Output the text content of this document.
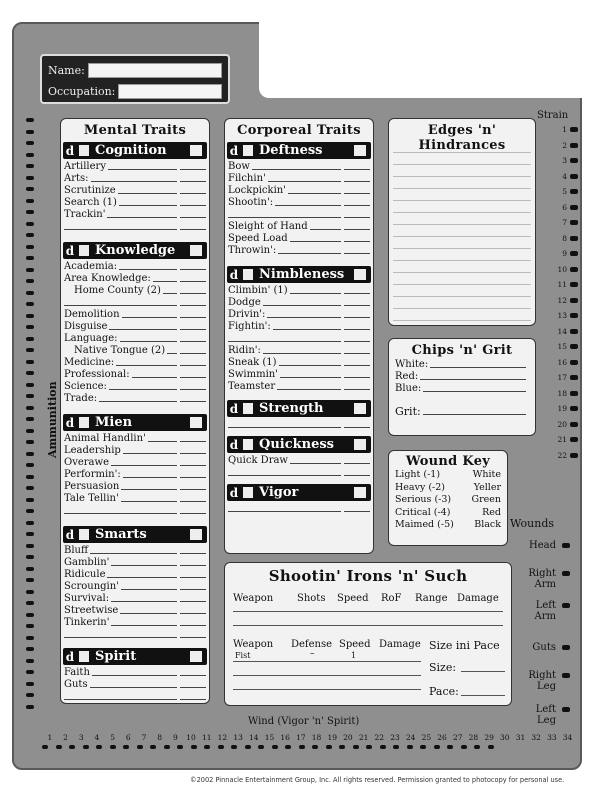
Name:
Occupation:
Ammunition
Mental Traits
d	Cognition
Artillery
Arts:
Scrutinize
Search (1)
Trackin'
d	Knowledge
Academia:
Area Knowledge:
Home County (2)
Demolition
Disguise
Language:
Native Tongue (2)
Medicine:
Professional:
Science:
Trade:
d	Mien
Animal Handlin'
Leadership
Overawe
Performin':
Persuasion
Tale Tellin'
d	Smarts
Bluff
Gamblin'
Ridicule
Scroungin'
Survival:
Streetwise
Tinkerin'
d	Spirit
Faith
Guts
Corporeal Traits
d	Deftness
Bow
Filchin'
Lockpickin'
Shootin':
Sleight of Hand
Speed Load
Throwin':
d	Nimbleness
Climbin' (1)
Dodge
Drivin':
Fightin':
Ridin':
Sneak (1)
Swimmin'
Teamster
d	Strength
d	Quickness
Quick Draw
d	Vigor
Edges 'n' Hindrances
Chips 'n' Grit
White:
Red:
Blue:
Grit:
Wound Key
Light (-1)	White
Heavy (-2)	Yeller
Serious (-3) Green
Critical (-4)	Red
Maimed (-5) Black
Shootin' Irons 'n' Such
Fist	–	1
Size ini Pace
Size:
Pace:
Weapon Shots Speed RoF Range Damage
Weapon Defense Speed Damage
Strain
1
2
3
4
5
6
7
8
9
10
11
12
13
14
15
16
17
18
19
20
21
22
Wounds
Head
Right Arm
Left Arm
Guts
Right Leg
Left Leg
Wind (Vigor 'n' Spirit)
1	2	3	4	5	6	7	8	9	10 11 12 13 14 15 16 17 18 19 20 21 22 23 24 25 26 27 28 29 30 31 32 33 34
©2002 Pinnacle Entertainment Group, Inc. All rights reserved. Permission granted to photocopy for personal use.
